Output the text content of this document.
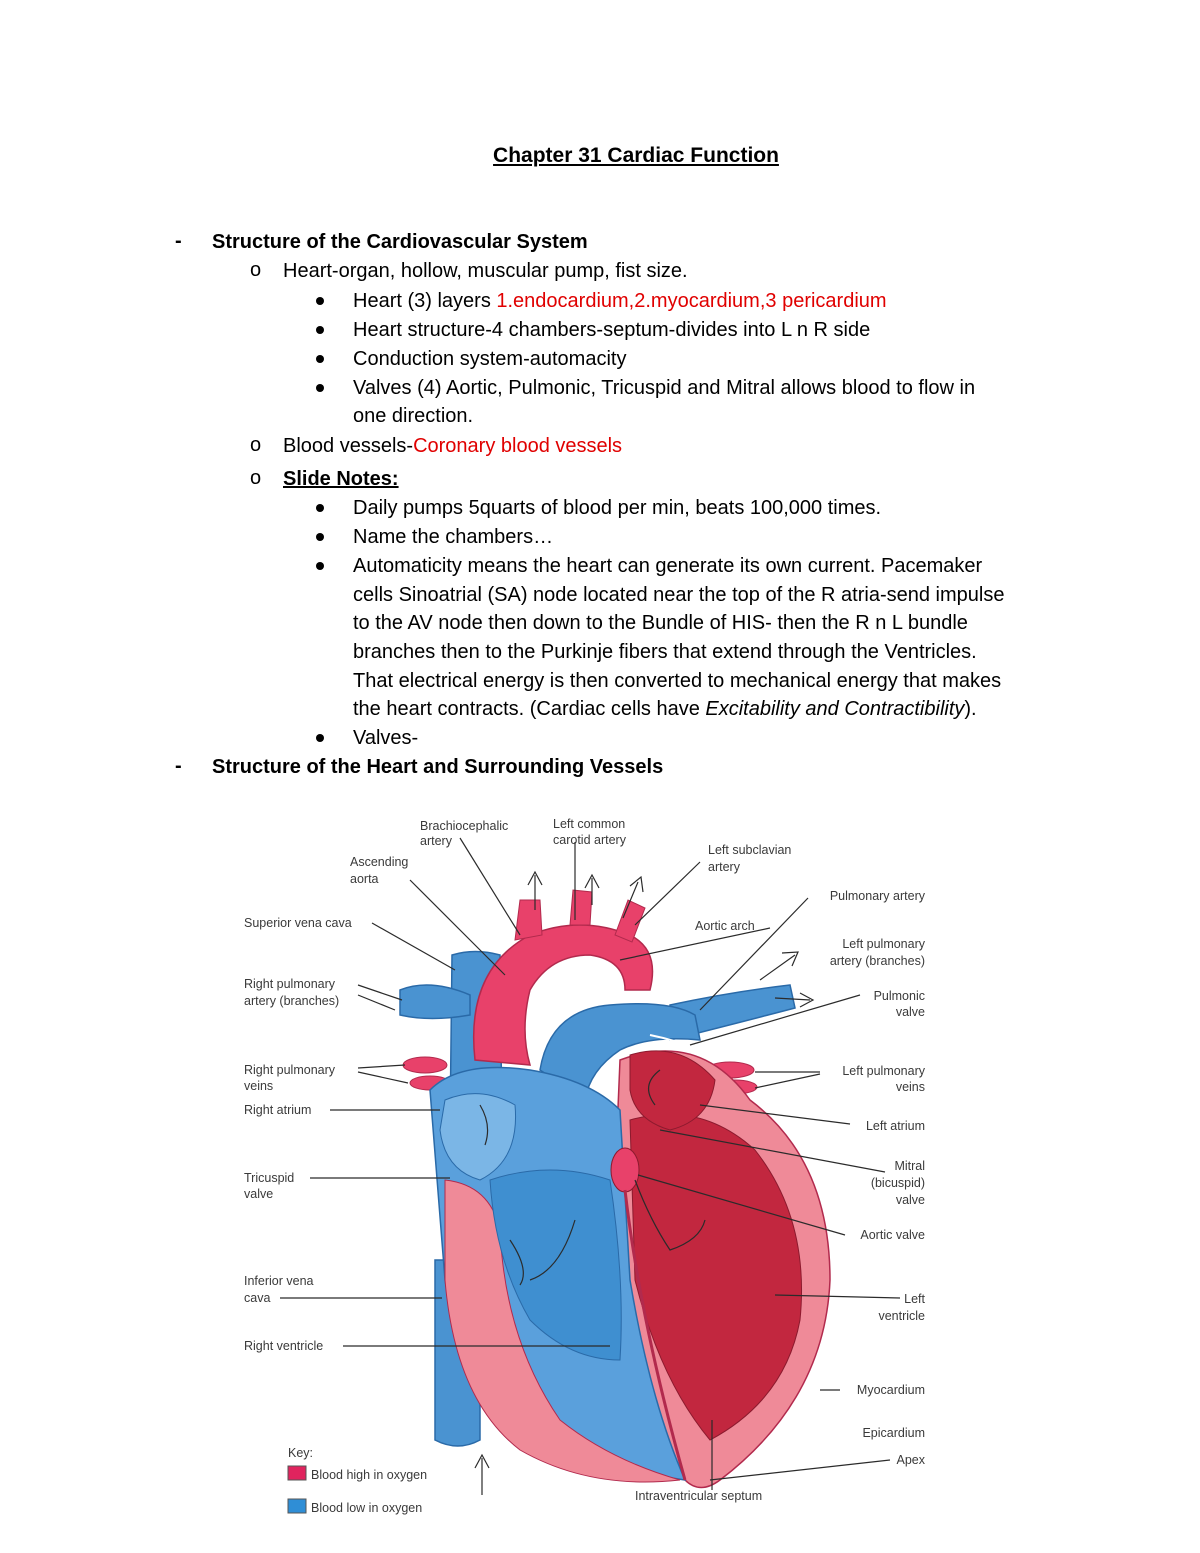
Chapter 31 Cardiac Function
- Structure of the Cardiovascular System
o Heart-organ, hollow, muscular pump, fist size.
Heart (3) layers 1.endocardium,2.myocardium,3 pericardium
Heart structure-4 chambers-septum-divides into L n R side
Conduction system-automacity
Valves (4) Aortic, Pulmonic, Tricuspid and Mitral allows blood to flow in
one direction.
o Blood vessels-Coronary blood vessels
o Slide Notes:
Daily pumps 5quarts of blood per min, beats 100,000 times.
Name the chambers…
Automaticity means the heart can generate its own current. Pacemaker
cells Sinoatrial (SA) node located near the top of the R atria-send impulse
to the AV node then down to the Bundle of HIS- then the R n L bundle
branches then to the Purkinje fibers that extend through the Ventricles.
That electrical energy is then converted to mechanical energy that makes
the heart contracts. (Cardiac cells have Excitability and Contractibility).
Valves-
- Structure of the Heart and Surrounding Vessels
Brachiocephalic
artery
Left common
carotid artery
Ascending
aorta
Left subclavian
artery
Superior vena cava
Pulmonary artery
Aortic arch
Left pulmonary
artery (branches)
Right pulmonary
artery (branches)	Pulmonic
valve
Right pulmonary
veins
Left pulmonary
veins
Right atrium
Left atrium
Tricuspid
valve
Mitral
(bicuspid)
valve
Aortic valve
Inferior vena
cava	Left
ventricle
Right ventricle
Myocardium
Epicardium
Apex
Key:
Blood high in oxygen
Blood low in oxygen
Intraventricular septum
